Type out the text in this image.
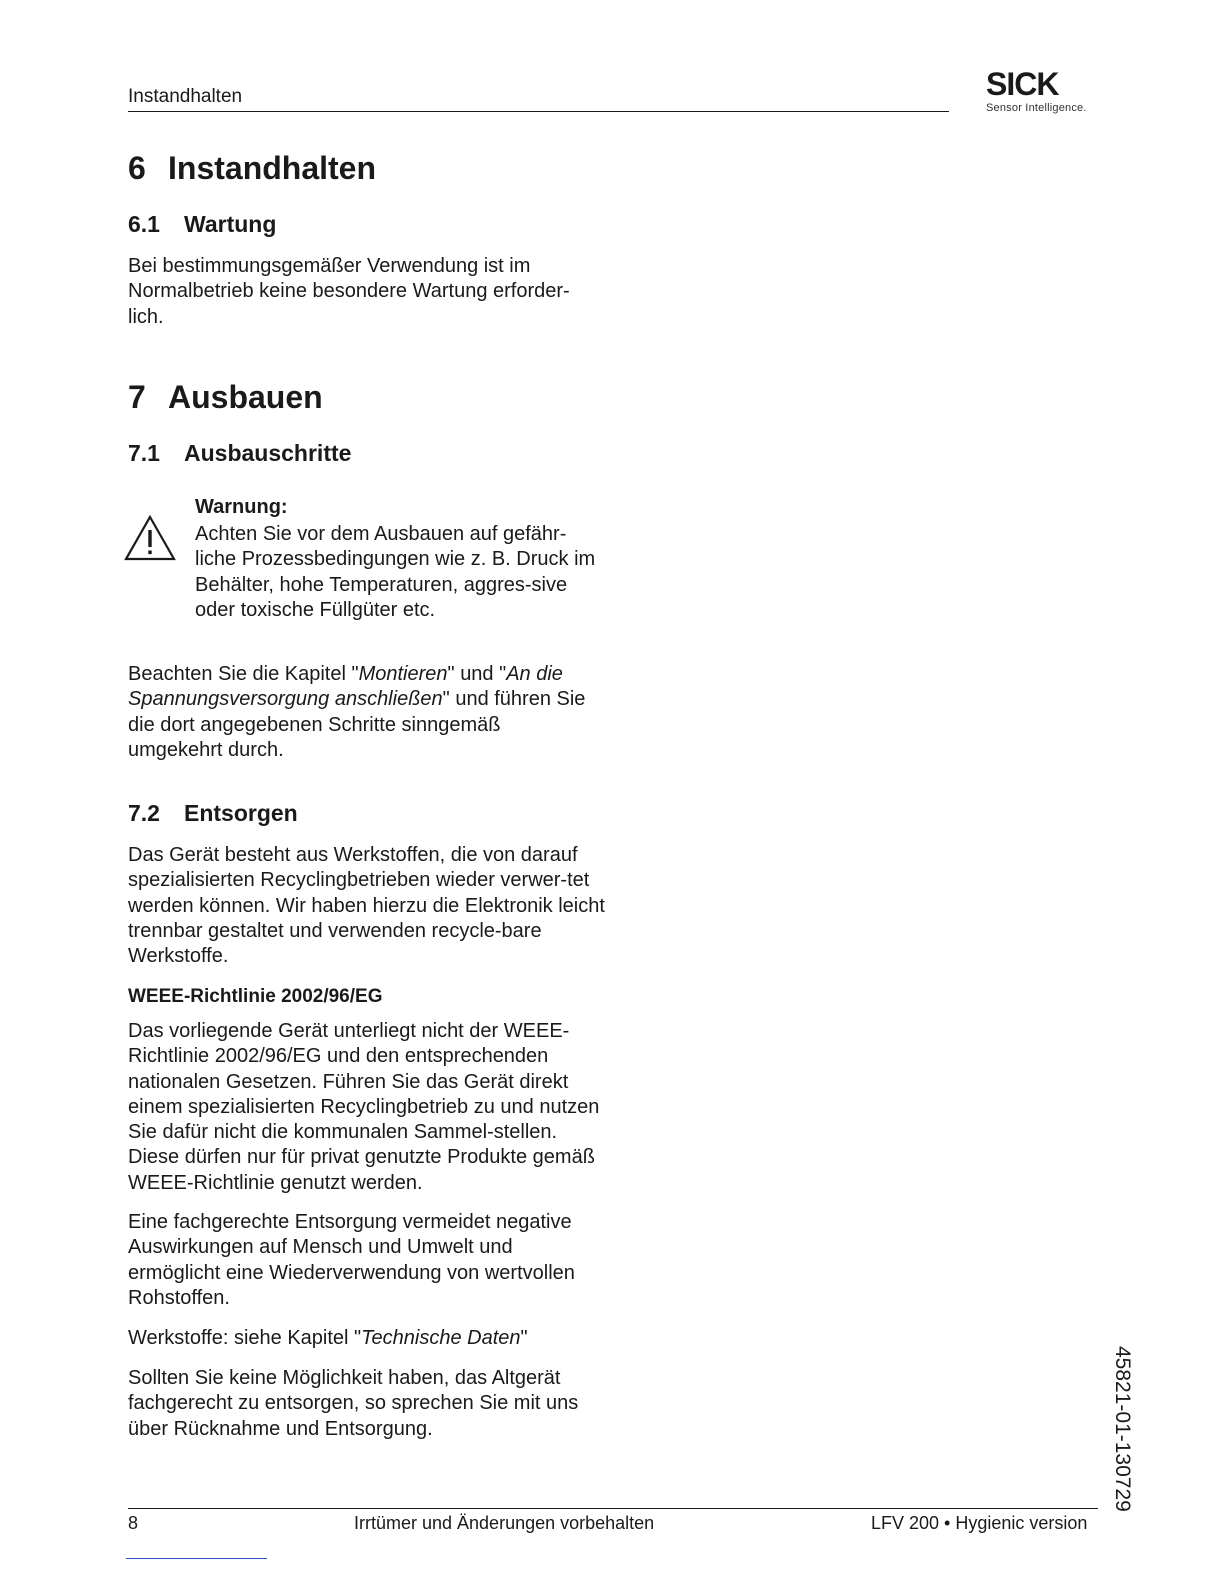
Instandhalten	SICK
Sensor Intelligence.
6 Instandhalten
6.1 Wartung
Bei bestimmungsgemäßer Verwendung ist im Normalbetrieb keine besondere Wartung erforder-lich.
7 Ausbauen
7.1 Ausbauschritte
Warnung:
Achten Sie vor dem Ausbauen auf gefähr-liche Prozessbedingungen wie z. B. Druck im Behälter, hohe Temperaturen, aggres-sive oder toxische Füllgüter etc.
Beachten Sie die Kapitel "Montieren" und "An die Spannungsversorgung anschließen" und führen Sie die dort angegebenen Schritte sinngemäß umgekehrt durch.
7.2 Entsorgen
Das Gerät besteht aus Werkstoffen, die von darauf spezialisierten Recyclingbetrieben wieder verwer-tet werden können. Wir haben hierzu die Elektronik leicht trennbar gestaltet und verwenden recycle-bare Werkstoffe.
WEEE-Richtlinie 2002/96/EG
Das vorliegende Gerät unterliegt nicht der WEEE-Richtlinie 2002/96/EG und den entsprechenden nationalen Gesetzen. Führen Sie das Gerät direkt einem spezialisierten Recyclingbetrieb zu und nutzen Sie dafür nicht die kommunalen Sammel-stellen. Diese dürfen nur für privat genutzte Produkte gemäß WEEE-Richtlinie genutzt werden.
Eine fachgerechte Entsorgung vermeidet negative Auswirkungen auf Mensch und Umwelt und ermöglicht eine Wiederverwendung von wertvollen Rohstoffen.
Werkstoffe: siehe Kapitel "Technische Daten"
Sollten Sie keine Möglichkeit haben, das Altgerät fachgerecht zu entsorgen, so sprechen Sie mit uns über Rücknahme und Entsorgung.	45821-01-130729
8	Irrtümer und Änderungen vorbehalten	LFV 200 • Hygienic version
